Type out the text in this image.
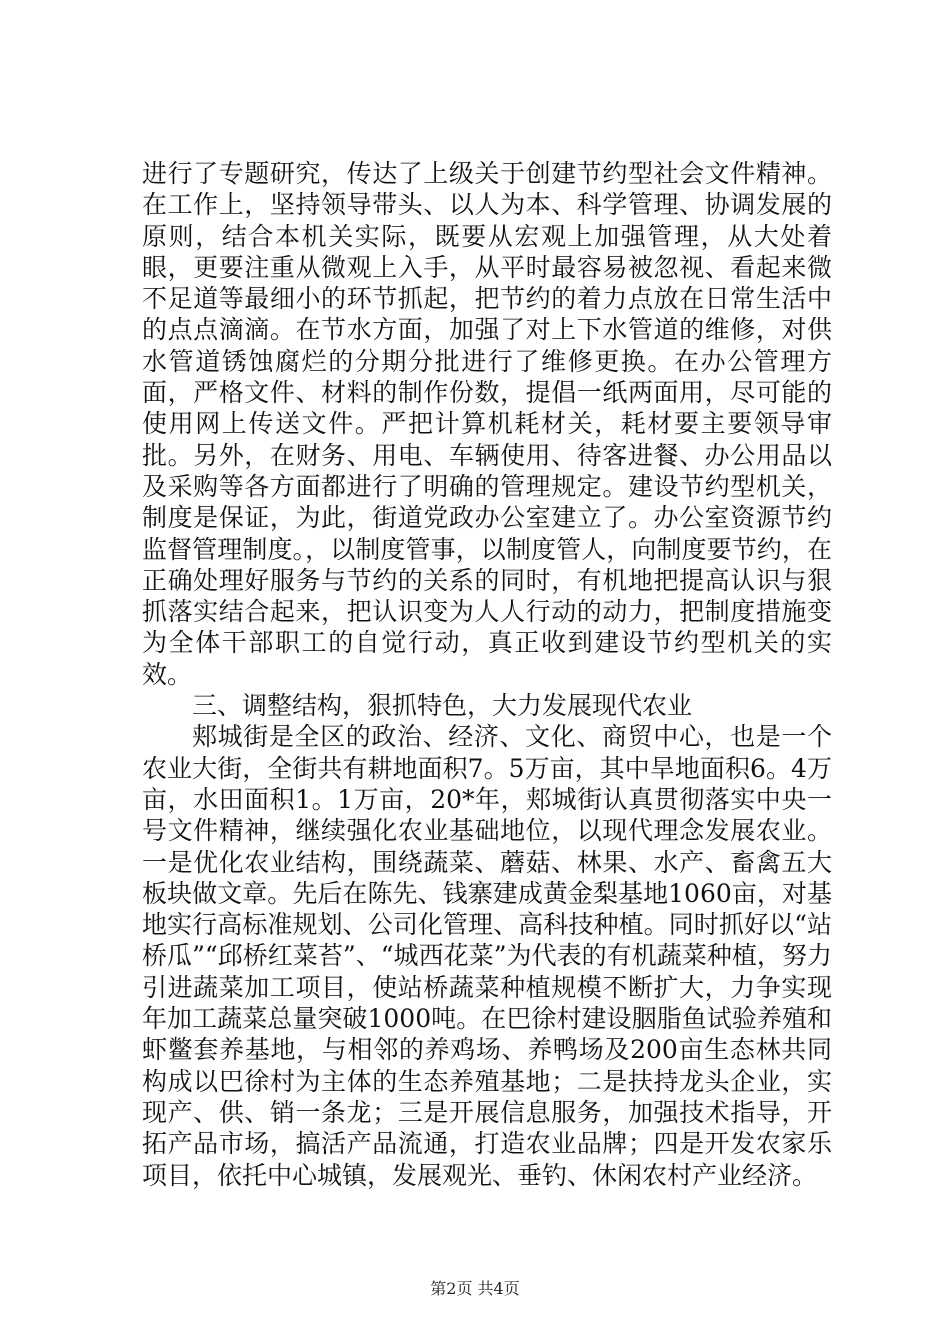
进行了专题研究，传达了上级关于创建节约型社会文件精神。在工作上，坚持领导带头、以人为本、科学管理、协调发展的原则，结合本机关实际，既要从宏观上加强管理，从大处着眼，更要注重从微观上入手，从平时最容易被忽视、看起来微不足道等最细小的环节抓起，把节约的着力点放在日常生活中的点点滴滴。在节水方面，加强了对上下水管道的维修，对供水管道锈蚀腐烂的分期分批进行了维修更换。在办公管理方面，严格文件、材料的制作份数，提倡一纸两面用，尽可能的使用网上传送文件。严把计算机耗材关，耗材要主要领导审批。另外，在财务、用电、车辆使用、待客进餐、办公用品以及采购等各方面都进行了明确的管理规定。建设节约型机关，制度是保证，为此，街道党政办公室建立了。办公室资源节约监督管理制度。，以制度管事，以制度管人，向制度要节约，在正确处理好服务与节约的关系的同时，有机地把提高认识与狠抓落实结合起来，把认识变为人人行动的动力，把制度措施变为全体干部职工的自觉行动，真正收到建设节约型机关的实效。

三、调整结构，狠抓特色，大力发展现代农业

郏城街是全区的政治、经济、文化、商贸中心，也是一个农业大街，全街共有耕地面积7。5万亩，其中旱地面积6。4万亩，水田面积1。1万亩，20*年，郏城街认真贯彻落实中央一号文件精神，继续强化农业基础地位，以现代理念发展农业。一是优化农业结构，围绕蔬菜、蘑菇、林果、水产、畜禽五大板块做文章。先后在陈先、钱寨建成黄金梨基地1060亩，对基地实行高标准规划、公司化管理、高科技种植。同时抓好以“站桥瓜”“邱桥红菜苔”、“城西花菜”为代表的有机蔬菜种植，努力引进蔬菜加工项目，使站桥蔬菜种植规模不断扩大，力争实现年加工蔬菜总量突破1000吨。在巴徐村建设胭脂鱼试验养殖和虾鳖套养基地，与相邻的养鸡场、养鸭场及200亩生态林共同构成以巴徐村为主体的生态养殖基地；二是扶持龙头企业，实现产、供、销一条龙；三是开展信息服务，加强技术指导，开拓产品市场，搞活产品流通，打造农业品牌；四是开发农家乐项目，依托中心城镇，发展观光、垂钓、休闲农村产业经济。

第2页 共4页
